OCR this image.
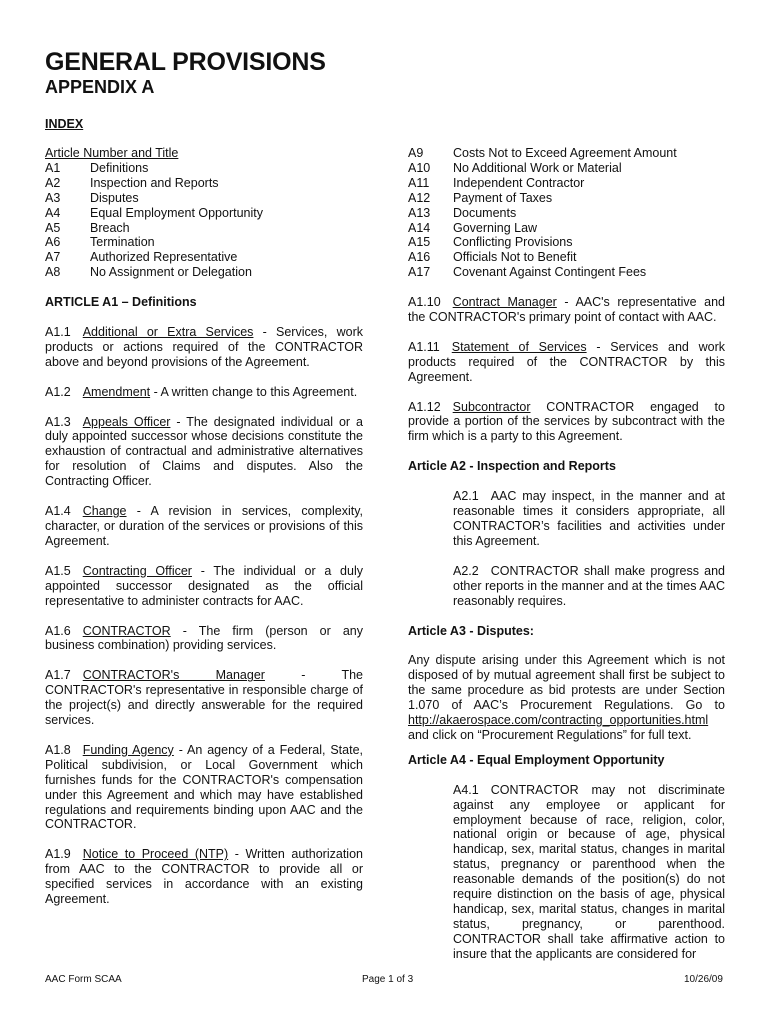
GENERAL PROVISIONS
APPENDIX A
INDEX
Article Number and Title
A1	Definitions
A2	Inspection and Reports
A3	Disputes
A4	Equal Employment Opportunity
A5	Breach
A6	Termination
A7	Authorized Representative
A8	No Assignment or Delegation
A9	Costs Not to Exceed Agreement Amount
A10	No Additional Work or Material
A11	Independent Contractor
A12	Payment of Taxes
A13	Documents
A14	Governing Law
A15	Conflicting Provisions
A16	Officials Not to Benefit
A17	Covenant Against Contingent Fees
ARTICLE A1 – Definitions
A1.1 Additional or Extra Services - Services, work products or actions required of the CONTRACTOR above and beyond provisions of the Agreement.
A1.2 Amendment - A written change to this Agreement.
A1.3 Appeals Officer - The designated individual or a duly appointed successor whose decisions constitute the exhaustion of contractual and administrative alternatives for resolution of Claims and disputes. Also the Contracting Officer.
A1.4 Change - A revision in services, complexity, character, or duration of the services or provisions of this Agreement.
A1.5 Contracting Officer - The individual or a duly appointed successor designated as the official representative to administer contracts for AAC.
A1.6 CONTRACTOR - The firm (person or any business combination) providing services.
A1.7 CONTRACTOR's Manager - The CONTRACTOR's representative in responsible charge of the project(s) and directly answerable for the required services.
A1.8 Funding Agency - An agency of a Federal, State, Political subdivision, or Local Government which furnishes funds for the CONTRACTOR's compensation under this Agreement and which may have established regulations and requirements binding upon AAC and the CONTRACTOR.
A1.9 Notice to Proceed (NTP) - Written authorization from AAC to the CONTRACTOR to provide all or specified services in accordance with an existing Agreement.
A1.10 Contract Manager - AAC's representative and the CONTRACTOR's primary point of contact with AAC.
A1.11 Statement of Services - Services and work products required of the CONTRACTOR by this Agreement.
A1.12 Subcontractor CONTRACTOR engaged to provide a portion of the services by subcontract with the firm which is a party to this Agreement.
Article A2 - Inspection and Reports
A2.1 AAC may inspect, in the manner and at reasonable times it considers appropriate, all CONTRACTOR’s facilities and activities under this Agreement.
A2.2 CONTRACTOR shall make progress and other reports in the manner and at the times AAC reasonably requires.
Article A3 - Disputes:
Any dispute arising under this Agreement which is not disposed of by mutual agreement shall first be subject to the same procedure as bid protests are under Section 1.070 of AAC’s Procurement Regulations. Go to http://akaerospace.com/contracting_opportunities.html and click on “Procurement Regulations” for full text.
Article A4 - Equal Employment Opportunity
A4.1 CONTRACTOR may not discriminate against any employee or applicant for employment because of race, religion, color, national origin or because of age, physical handicap, sex, marital status, changes in marital status, pregnancy or parenthood when the reasonable demands of the position(s) do not require distinction on the basis of age, physical handicap, sex, marital status, changes in marital status, pregnancy, or parenthood. CONTRACTOR shall take affirmative action to insure that the applicants are considered for
AAC Form SCAA	Page 1 of 3	10/26/09
